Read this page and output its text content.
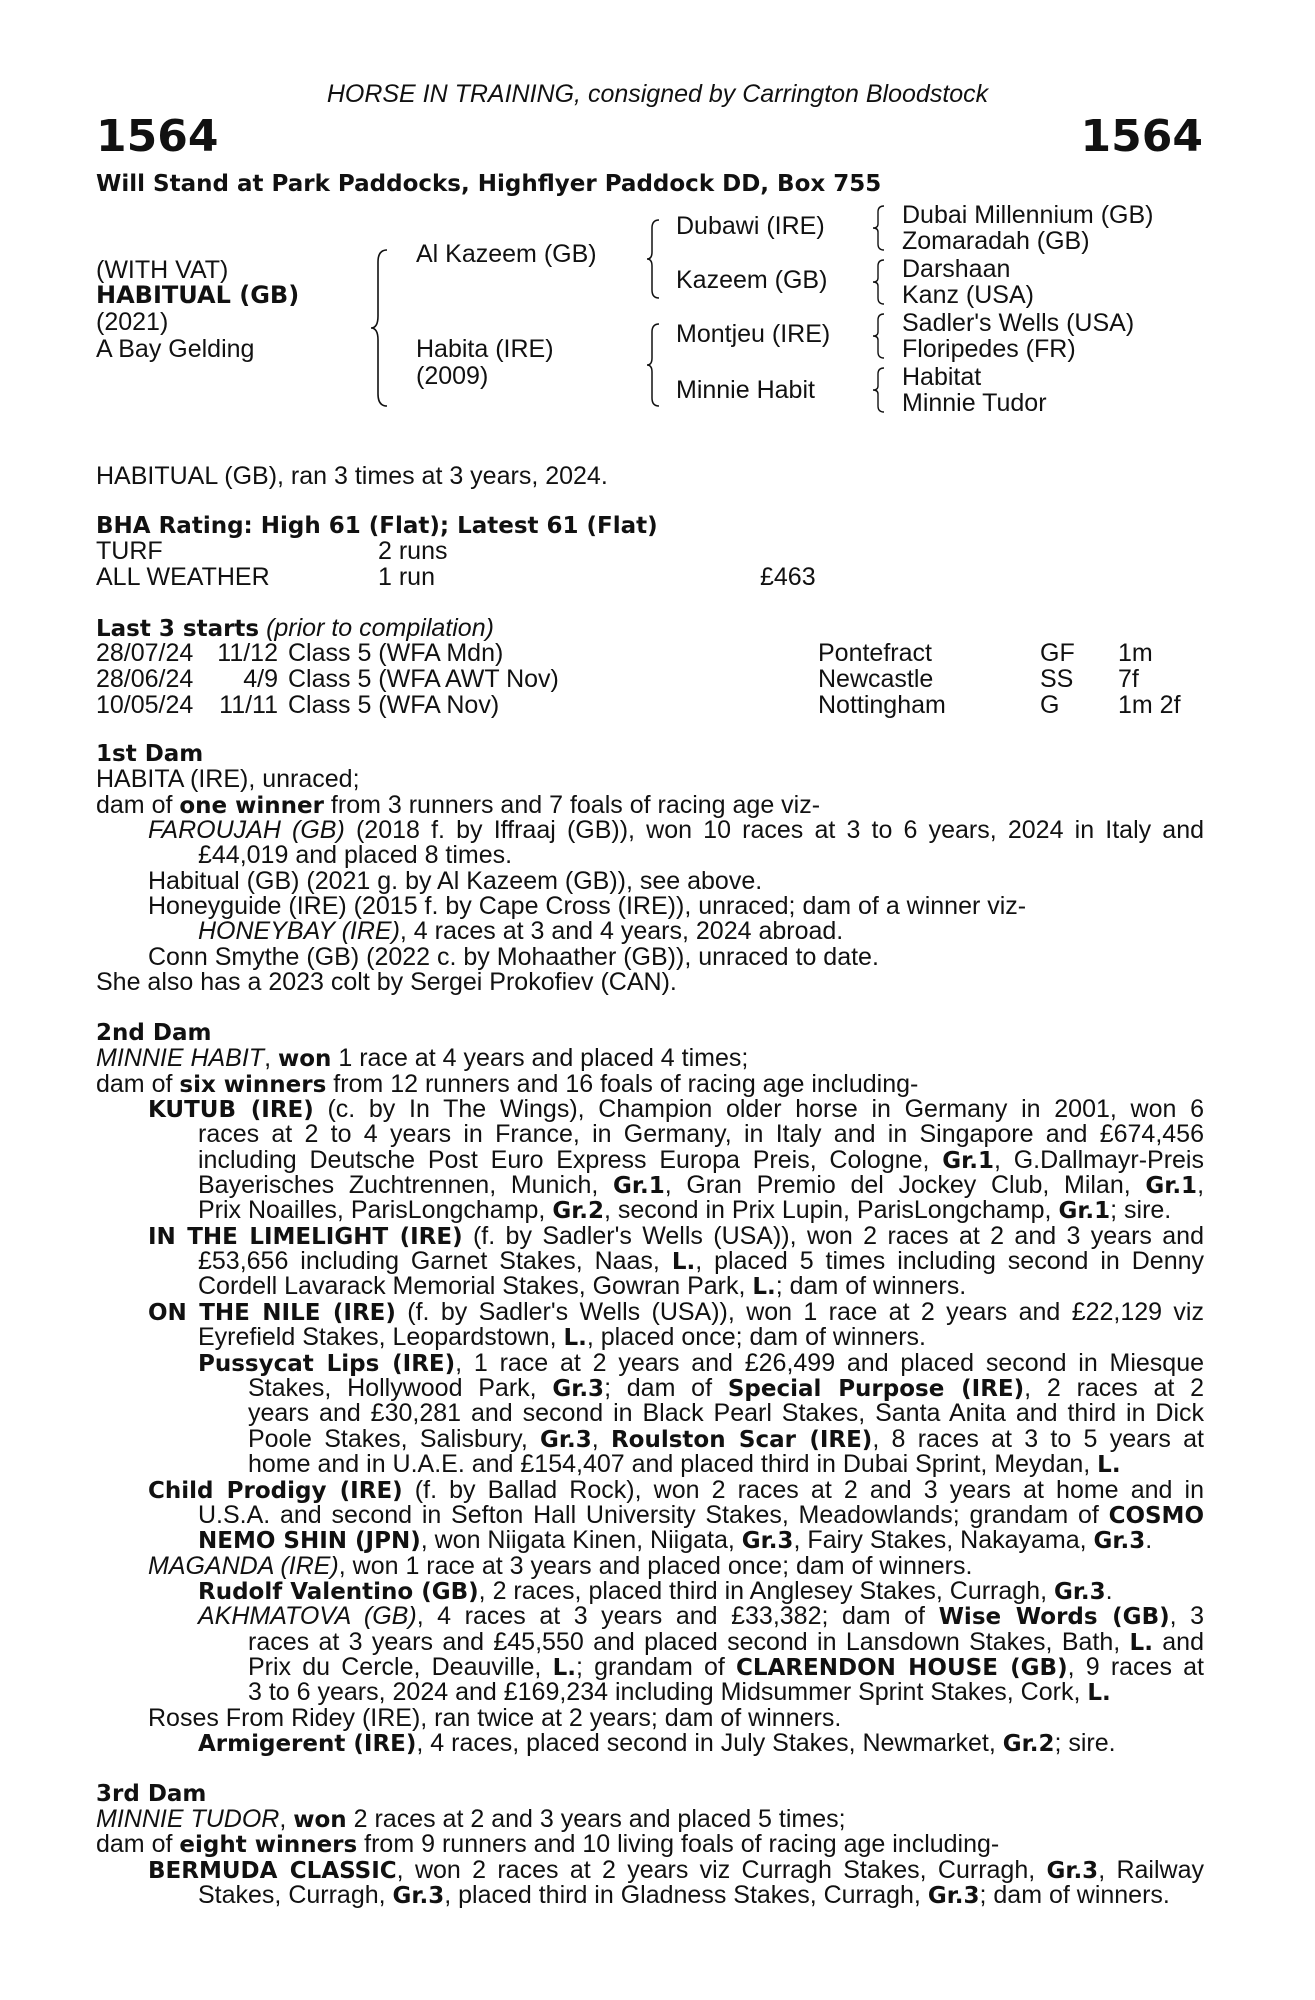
HORSE IN TRAINING, consigned by Carrington Bloodstock
1564	1564
Will Stand at Park Paddocks, Highflyer Paddock DD, Box 755
(WITH VAT)
HABITUAL (GB)
(2021)
A Bay Gelding
Al Kazeem (GB)
Habita (IRE)
(2009)
Dubawi (IRE)
Kazeem (GB)
Montjeu (IRE)
Minnie Habit
Dubai Millennium (GB)
Zomaradah (GB)
Darshaan
Kanz (USA)
Sadler's Wells (USA)
Floripedes (FR)
Habitat
Minnie Tudor
HABITUAL (GB), ran 3 times at 3 years, 2024.
BHA Rating: High 61 (Flat); Latest 61 (Flat)
TURF	2 runs
ALL WEATHER	1 run	£463
Last 3 starts (prior to compilation)
28/07/24 11/12 Class 5 (WFA Mdn)	Pontefract	GF 1m
28/06/24	4/9 Class 5 (WFA AWT Nov)	Newcastle	SS 7f
10/05/24	11/11 Class 5 (WFA Nov)	Nottingham	G 1m 2f
1st Dam
HABITA (IRE), unraced;
dam of one winner from 3 runners and 7 foals of racing age viz-
FAROUJAH (GB) (2018 f. by Iffraaj (GB)), won 10 races at 3 to 6 years, 2024 in Italy and
£44,019 and placed 8 times.
Habitual (GB) (2021 g. by Al Kazeem (GB)), see above.
Honeyguide (IRE) (2015 f. by Cape Cross (IRE)), unraced; dam of a winner viz-
HONEYBAY (IRE), 4 races at 3 and 4 years, 2024 abroad.
Conn Smythe (GB) (2022 c. by Mohaather (GB)), unraced to date.
She also has a 2023 colt by Sergei Prokofiev (CAN).
2nd Dam
MINNIE HABIT, won 1 race at 4 years and placed 4 times;
dam of six winners from 12 runners and 16 foals of racing age including-
KUTUB (IRE) (c. by In The Wings), Champion older horse in Germany in 2001, won 6
races at 2 to 4 years in France, in Germany, in Italy and in Singapore and £674,456
including Deutsche Post Euro Express Europa Preis, Cologne, Gr.1, G.Dallmayr-Preis
Bayerisches Zuchtrennen, Munich, Gr.1, Gran Premio del Jockey Club, Milan, Gr.1,
Prix Noailles, ParisLongchamp, Gr.2, second in Prix Lupin, ParisLongchamp, Gr.1; sire.
IN THE LIMELIGHT (IRE) (f. by Sadler's Wells (USA)), won 2 races at 2 and 3 years and
£53,656 including Garnet Stakes, Naas, L., placed 5 times including second in Denny
Cordell Lavarack Memorial Stakes, Gowran Park, L.; dam of winners.
ON THE NILE (IRE) (f. by Sadler's Wells (USA)), won 1 race at 2 years and £22,129 viz
Eyrefield Stakes, Leopardstown, L., placed once; dam of winners.
Pussycat Lips (IRE), 1 race at 2 years and £26,499 and placed second in Miesque
Stakes, Hollywood Park, Gr.3; dam of Special Purpose (IRE), 2 races at 2
years and £30,281 and second in Black Pearl Stakes, Santa Anita and third in Dick
Poole Stakes, Salisbury, Gr.3, Roulston Scar (IRE), 8 races at 3 to 5 years at
home and in U.A.E. and £154,407 and placed third in Dubai Sprint, Meydan, L.
Child Prodigy (IRE) (f. by Ballad Rock), won 2 races at 2 and 3 years at home and in
U.S.A. and second in Sefton Hall University Stakes, Meadowlands; grandam of COSMO
NEMO SHIN (JPN), won Niigata Kinen, Niigata, Gr.3, Fairy Stakes, Nakayama, Gr.3.
MAGANDA (IRE), won 1 race at 3 years and placed once; dam of winners.
Rudolf Valentino (GB), 2 races, placed third in Anglesey Stakes, Curragh, Gr.3.
AKHMATOVA (GB), 4 races at 3 years and £33,382; dam of Wise Words (GB), 3
races at 3 years and £45,550 and placed second in Lansdown Stakes, Bath, L. and
Prix du Cercle, Deauville, L.; grandam of CLARENDON HOUSE (GB), 9 races at
3 to 6 years, 2024 and £169,234 including Midsummer Sprint Stakes, Cork, L.
Roses From Ridey (IRE), ran twice at 2 years; dam of winners.
Armigerent (IRE), 4 races, placed second in July Stakes, Newmarket, Gr.2; sire.
3rd Dam
MINNIE TUDOR, won 2 races at 2 and 3 years and placed 5 times;
dam of eight winners from 9 runners and 10 living foals of racing age including-
BERMUDA CLASSIC, won 2 races at 2 years viz Curragh Stakes, Curragh, Gr.3, Railway
Stakes, Curragh, Gr.3, placed third in Gladness Stakes, Curragh, Gr.3; dam of winners.
